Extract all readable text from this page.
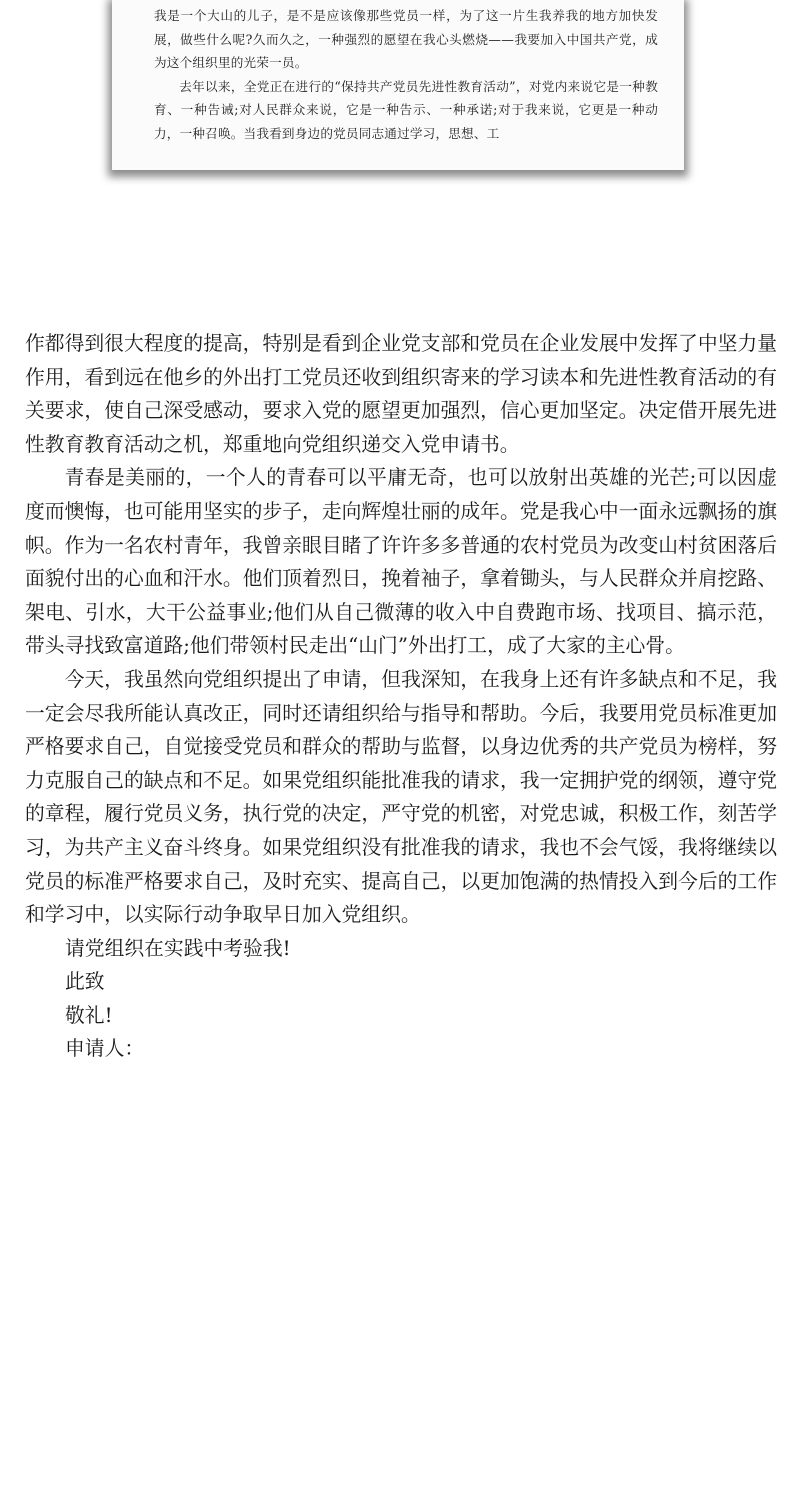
我是一个大山的儿子，是不是应该像那些党员一样，为了这一片生我养我的地方加快发展，做些什么呢?久而久之，一种强烈的愿望在我心头燃烧——我要加入中国共产党，成为这个组织里的光荣一员。

去年以来，全党正在进行的“保持共产党员先进性教育活动”，对党内来说它是一种教育、一种告诫;对人民群众来说，它是一种告示、一种承诺;对于我来说，它更是一种动力，一种召唤。当我看到身边的党员同志通过学习，思想、工

作都得到很大程度的提高，特别是看到企业党支部和党员在企业发展中发挥了中坚力量作用，看到远在他乡的外出打工党员还收到组织寄来的学习读本和先进性教育活动的有关要求，使自己深受感动，要求入党的愿望更加强烈，信心更加坚定。决定借开展先进性教育教育活动之机，郑重地向党组织递交入党申请书。

青春是美丽的，一个人的青春可以平庸无奇，也可以放射出英雄的光芒;可以因虚度而懊悔，也可能用坚实的步子，走向辉煌壮丽的成年。党是我心中一面永远飘扬的旗帜。作为一名农村青年，我曾亲眼目睹了许许多多普通的农村党员为改变山村贫困落后面貌付出的心血和汗水。他们顶着烈日，挽着袖子，拿着锄头，与人民群众并肩挖路、架电、引水，大干公益事业;他们从自己微薄的收入中自费跑市场、找项目、搞示范，带头寻找致富道路;他们带领村民走出“山门”外出打工，成了大家的主心骨。

今天，我虽然向党组织提出了申请，但我深知，在我身上还有许多缺点和不足，我一定会尽我所能认真改正，同时还请组织给与指导和帮助。今后，我要用党员标准更加严格要求自己，自觉接受党员和群众的帮助与监督，以身边优秀的共产党员为榜样，努力克服自己的缺点和不足。如果党组织能批准我的请求，我一定拥护党的纲领，遵守党的章程，履行党员义务，执行党的决定，严守党的机密，对党忠诚，积极工作，刻苦学习，为共产主义奋斗终身。如果党组织没有批准我的请求，我也不会气馁，我将继续以党员的标准严格要求自己，及时充实、提高自己，以更加饱满的热情投入到今后的工作和学习中，以实际行动争取早日加入党组织。

请党组织在实践中考验我!

此致

敬礼!

申请人：
